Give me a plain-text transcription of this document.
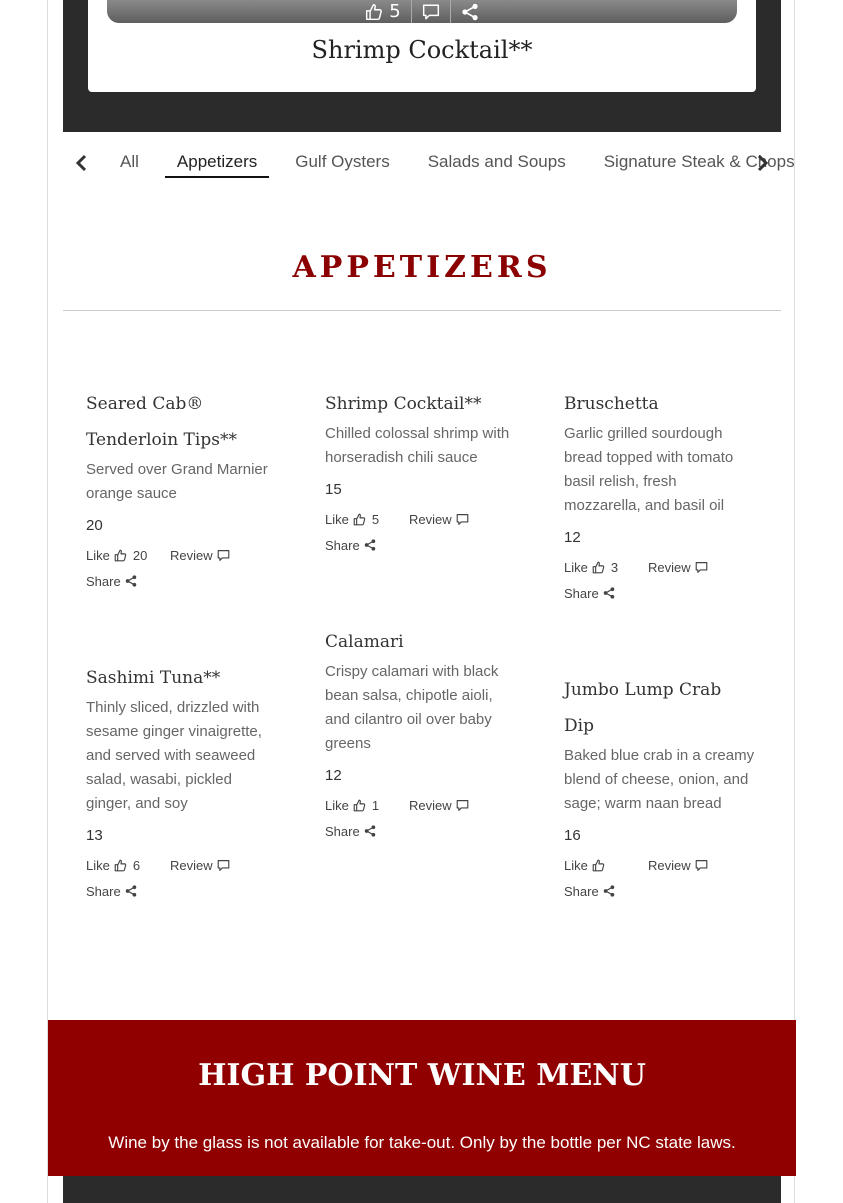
5
Shrimp Cocktail**
All	Appetizers	Gulf Oysters	Salads and Soups	Signature Steak & Chops
APPETIZERS
Seared Cab® Tenderloin Tips**
Served over Grand Marnier orange sauce
20
Like 20 Review
Share
Shrimp Cocktail**
Chilled colossal shrimp with horseradish chili sauce
15
Like 5 Review
Share
Bruschetta
Garlic grilled sourdough bread topped with tomato basil relish, fresh mozzarella, and basil oil
12
Like 3 Review
Share
Sashimi Tuna**
Thinly sliced, drizzled with sesame ginger vinaigrette, and served with seaweed salad, wasabi, pickled ginger, and soy
13
Like 6 Review
Share
Calamari
Crispy calamari with black bean salsa, chipotle aioli, and cilantro oil over baby greens
12
Like 1 Review
Share
Jumbo Lump Crab Dip
Baked blue crab in a creamy blend of cheese, onion, and sage; warm naan bread
16
Like	Review
Share
HIGH POINT WINE MENU
Wine by the glass is not available for take-out. Only by the bottle per NC state laws.
